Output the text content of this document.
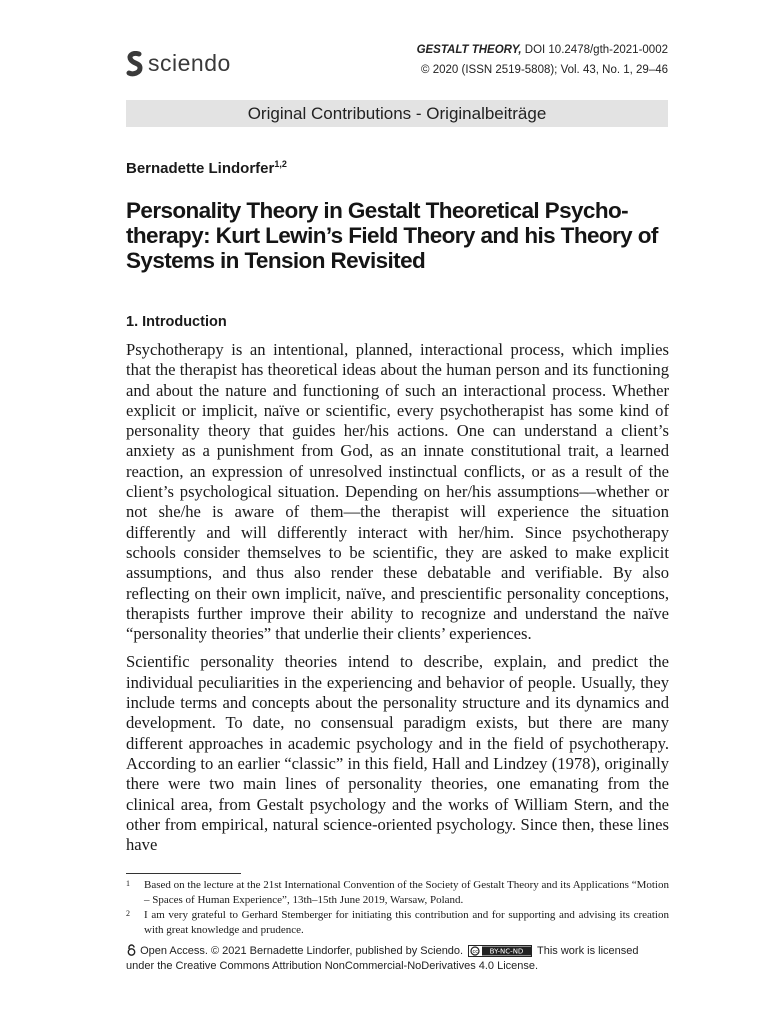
sciendo	GESTALT THEORY, DOI 10.2478/gth-2021-0002
© 2020 (ISSN 2519-5808); Vol. 43, No. 1, 29–46
Original Contributions - Originalbeiträge
Bernadette Lindorfer$^{1,2}$
Personality Theory in Gestalt Theoretical Psycho-therapy: Kurt Lewin’s Field Theory and his Theory of Systems in Tension Revisited
1. Introduction

Psychotherapy is an intentional, planned, interactional process, which implies that the therapist has theoretical ideas about the human person and its functioning and about the nature and functioning of such an interactional process. Whether explicit or implicit, naïve or scientific, every psychotherapist has some kind of personality theory that guides her/his actions. One can understand a client’s anxiety as a punishment from God, as an innate constitutional trait, a learned reaction, an expression of unresolved instinctual conflicts, or as a result of the client’s psychological situation. Depending on her/his assumptions—whether or not she/he is aware of them—the therapist will experience the situation differently and will differently interact with her/him. Since psychotherapy schools consider themselves to be scientific, they are asked to make explicit assumptions, and thus also render these debatable and verifiable. By also reflecting on their own implicit, naïve, and prescientific personality conceptions, therapists further improve their ability to recognize and understand the naïve “personality theories” that underlie their clients’ experiences.

Scientific personality theories intend to describe, explain, and predict the individual peculiarities in the experiencing and behavior of people. Usually, they include terms and concepts about the personality structure and its dynamics and development. To date, no consensual paradigm exists, but there are many different approaches in academic psychology and in the field of psychotherapy. According to an earlier “classic” in this field, Hall and Lindzey (1978), originally there were two main lines of personality theories, one emanating from the clinical area, from Gestalt psychology and the works of William Stern, and the other from empirical, natural science-oriented psychology. Since then, these lines have

1	Based on the lecture at the 21st International Convention of the Society of Gestalt Theory and its Applications “Motion – Spaces of Human Experience”, 13th–15th June 2019, Warsaw, Poland.
2	I am very grateful to Gerhard Stemberger for initiating this contribution and for supporting and advising its creation with great knowledge and prudence.
Open Access. © 2021 Bernadette Lindorfer, published by Sciendo. cc BY-NC-ND This work is licensed under the Creative Commons Attribution NonCommercial-NoDerivatives 4.0 License.
